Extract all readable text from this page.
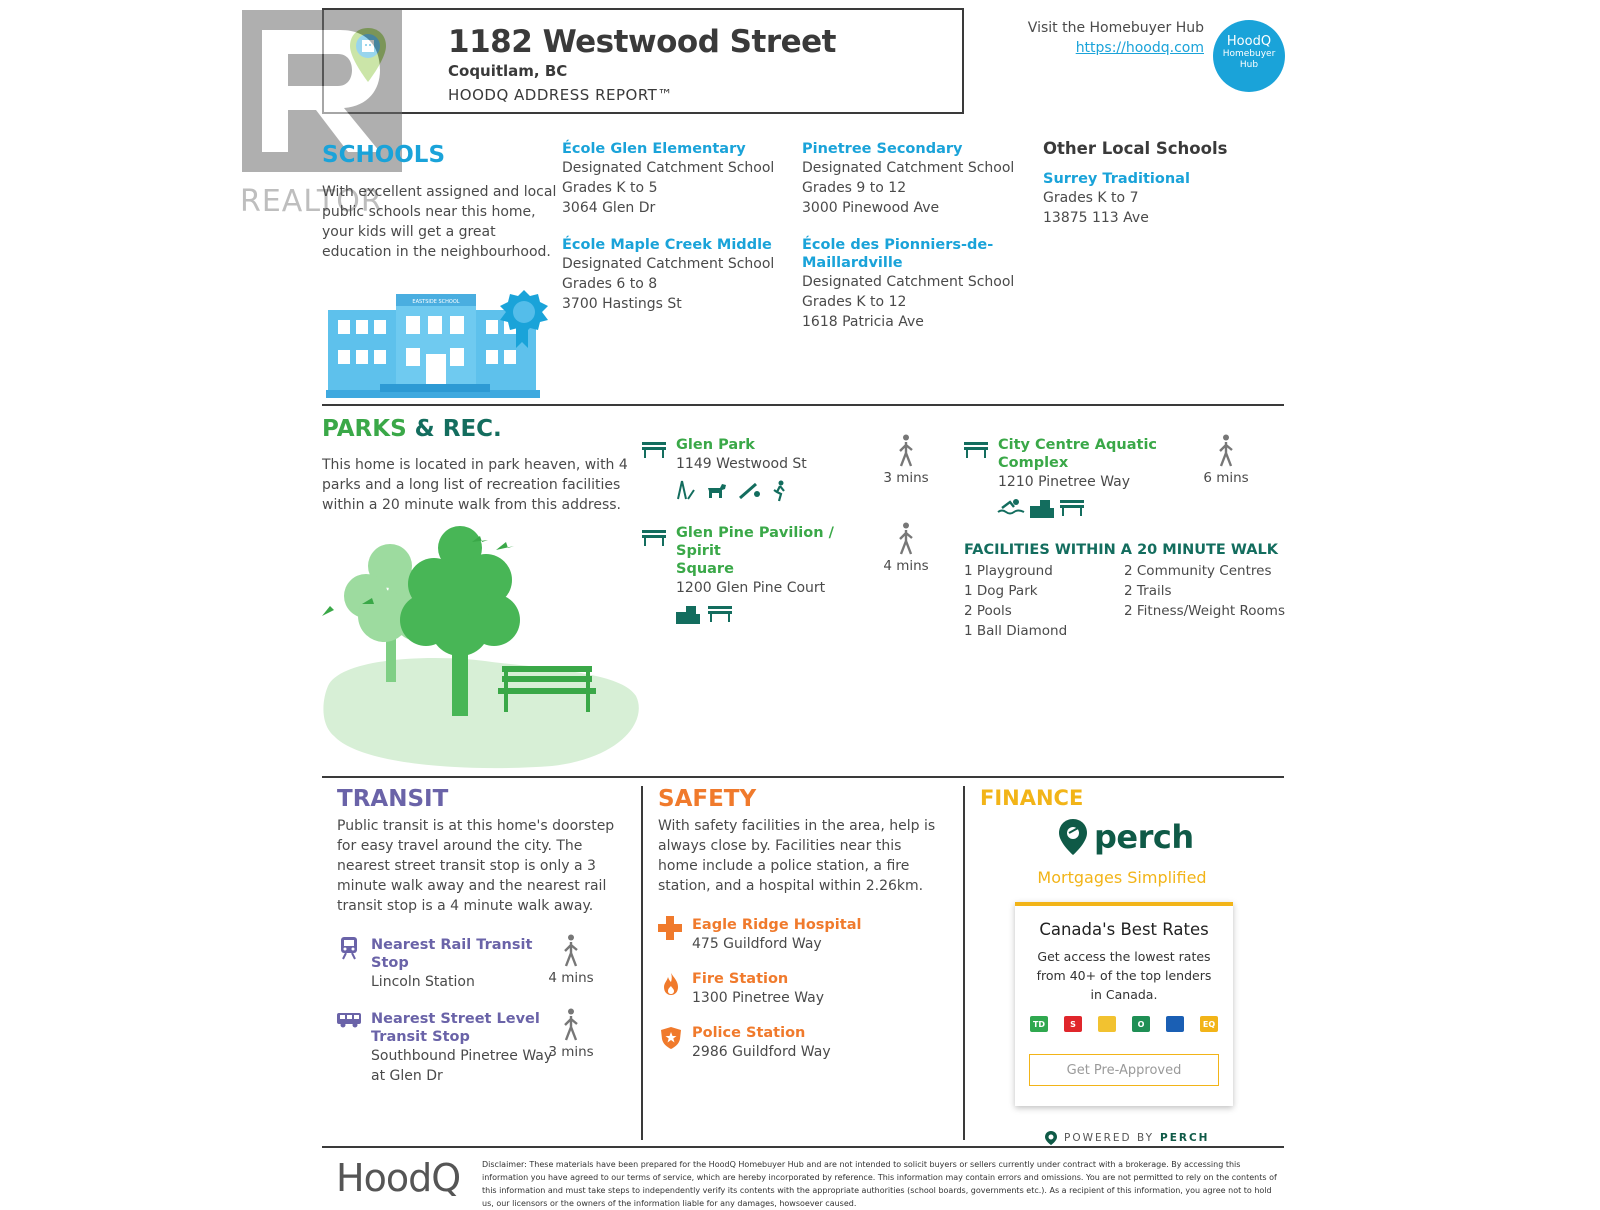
1182 Westwood Street
Coquitlam, BC
HOODQ ADDRESS REPORT™
REALTOR
Visit the Homebuyer Hub
https://hoodq.com	HoodQ
Homebuyer
Hub
SCHOOLS
With excellent assigned and local public schools near this home, your kids will get a great education in the neighbourhood.
EASTSIDE SCHOOL
École Glen Elementary
Designated Catchment School
Grades K to 5
3064 Glen Dr
École Maple Creek Middle
Designated Catchment School
Grades 6 to 8
3700 Hastings St
Pinetree Secondary
Designated Catchment School
Grades 9 to 12
3000 Pinewood Ave
École des Pionniers-de-
Maillardville
Designated Catchment School
Grades K to 12
1618 Patricia Ave
Other Local Schools
Surrey Traditional
Grades K to 7
13875 113 Ave
PARKS & REC.
This home is located in park heaven, with 4 parks and a long list of recreation facilities within a 20 minute walk from this address.
Glen Park
1149 Westwood St
3 mins
Glen Pine Pavilion / Spirit
Square
1200 Glen Pine Court
4 mins
City Centre Aquatic
Complex
1210 Pinetree Way	6 mins
FACILITIES WITHIN A 20 MINUTE WALK
1 Playground
1 Dog Park
2 Pools
1 Ball Diamond
2 Community Centres
2 Trails
2 Fitness/Weight Rooms
TRANSIT
Public transit is at this home's doorstep for easy travel around the city. The nearest street transit stop is only a 3 minute walk away and the nearest rail transit stop is a 4 minute walk away.
Nearest Rail Transit
Stop
Lincoln Station	4 mins
Nearest Street Level
Transit Stop
Southbound Pinetree Way
at Glen Dr
3 mins
SAFETY
With safety facilities in the area, help is always close by. Facilities near this home include a police station, a fire station, and a hospital within 2.26km.
Eagle Ridge Hospital
475 Guildford Way
Fire Station
1300 Pinetree Way
Police Station
2986 Guildford Way
FINANCE
perch
Mortgages Simplified
Canada's Best Rates
Get access the lowest rates from 40+ of the top lenders in Canada.
TD	S	O	EQ
Get Pre-Approved
POWERED BY PERCH
HoodQ	Disclaimer: These materials have been prepared for the HoodQ Homebuyer Hub and are not intended to solicit buyers or sellers currently under contract with a brokerage. By accessing this information you have agreed to our terms of service, which are hereby incorporated by reference. This information may contain errors and omissions. You are not permitted to rely on the contents of this information and must take steps to independently verify its contents with the appropriate authorities (school boards, governments etc.). As a recipient of this information, you agree not to hold us, our licensors or the owners of the information liable for any damages, howsoever caused.
